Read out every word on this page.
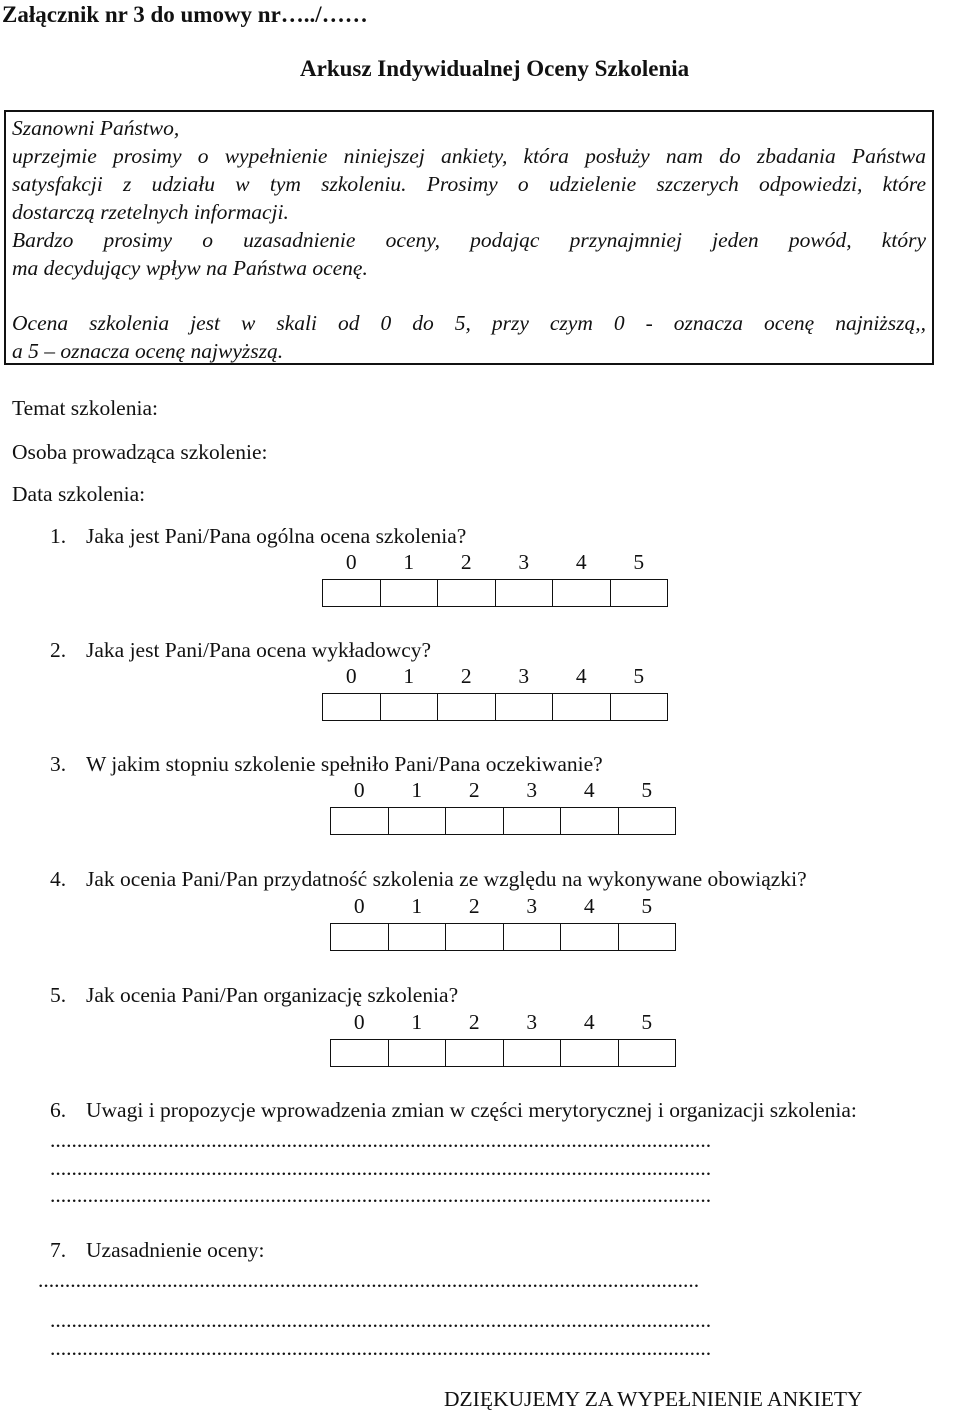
Załącznik nr 3 do umowy nr…../……
Arkusz Indywidualnej Oceny Szkolenia
Szanowni Państwo,
uprzejmie prosimy o wypełnienie niniejszej ankiety, która posłuży nam do zbadania Państwa
satysfakcji z udziału w tym szkoleniu. Prosimy o udzielenie szczerych odpowiedzi, które
dostarczą rzetelnych informacji.
Bardzo prosimy o uzasadnienie oceny, podając przynajmniej jeden powód, który
ma decydujący wpływ na Państwa ocenę.
Ocena szkolenia jest w skali od 0 do 5, przy czym 0 - oznacza ocenę najniższą,,
a 5 – oznacza ocenę najwyższą.
Temat szkolenia:
Osoba prowadząca szkolenie:
Data szkolenia:
1. Jaka jest Pani/Pana ogólna ocena szkolenia?
0	1	2	3	4	5

2. Jaka jest Pani/Pana ocena wykładowcy?
0	1	2	3	4	5

3. W jakim stopniu szkolenie spełniło Pani/Pana oczekiwanie?
0	1	2	3	4	5

4. Jak ocenia Pani/Pan przydatność szkolenia ze względu na wykonywane obowiązki?
0	1	2	3	4	5

5. Jak ocenia Pani/Pan organizację szkolenia?
0	1	2	3	4	5

6. Uwagi i propozycje wprowadzenia zmian w części merytorycznej i organizacji szkolenia:
...........................................................................................................................
...........................................................................................................................
...........................................................................................................................
7. Uzasadnienie oceny:
...........................................................................................................................
...........................................................................................................................
...........................................................................................................................
DZIĘKUJEMY ZA WYPEŁNIENIE ANKIETY
